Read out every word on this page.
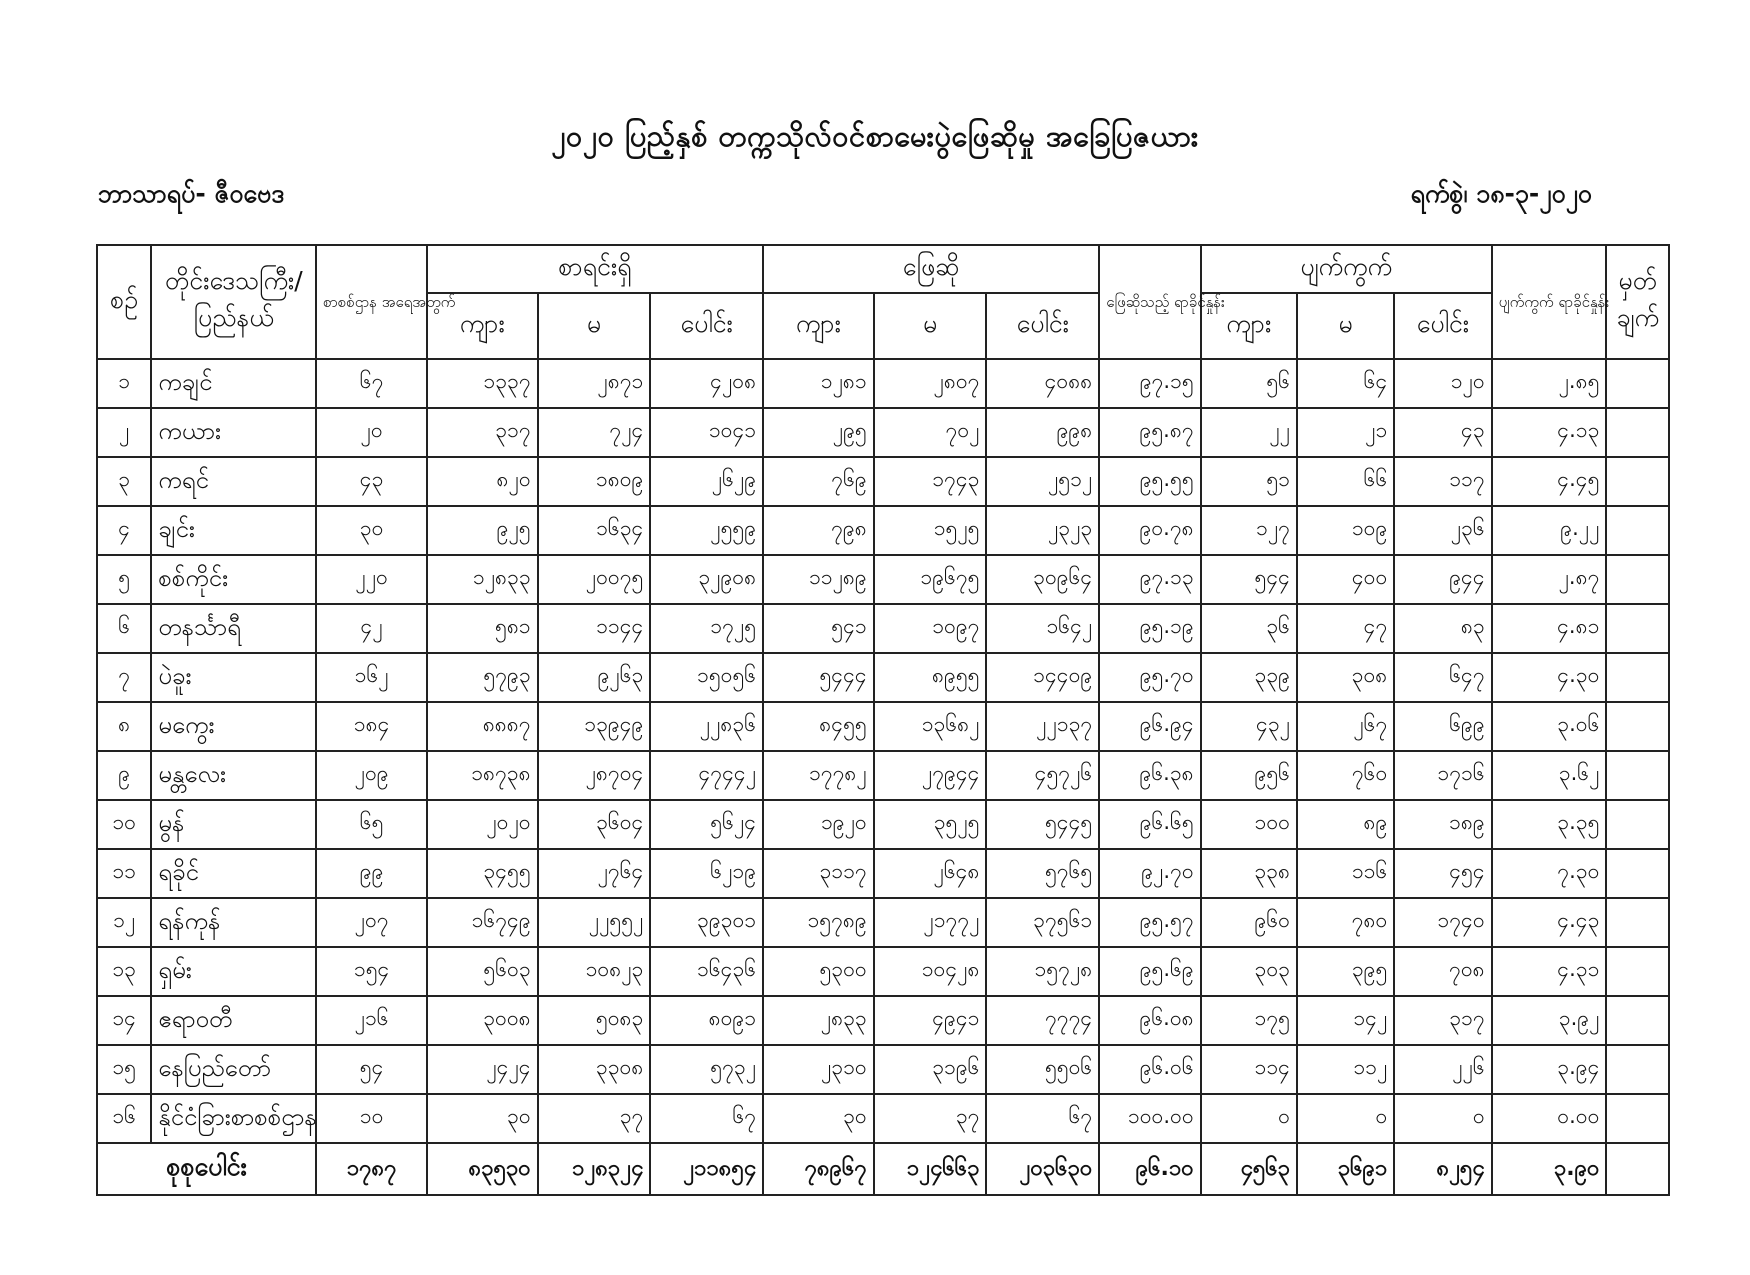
၂၀၂၀ ပြည့်နှစ် တက္ကသိုလ်ဝင်စာမေးပွဲဖြေဆိုမှု အခြေပြဇယား
ဘာသာရပ်- ဇီဝဗေဒ	ရက်စွဲ၊ ၁၈-၃-၂၀၂၀
စဉ်	တိုင်းဒေသကြီး/ ပြည်နယ်	စာစစ်ဌာန အရေအတွက်	စာရင်းရှိ			ဖြေဆို			ဖြေဆိုသည့် ရာခိုင်နှုန်း	ပျက်ကွက်			ပျက်ကွက် ရာခိုင်နှုန်း	မှတ် ချက်
			ကျား	မ	ပေါင်း	ကျား	မ	ပေါင်း		ကျား	မ	ပေါင်း		
၁	ကချင်	၆၇	၁၃၃၇	၂၈၇၁	၄၂၀၈	၁၂၈၁	၂၈၀၇	၄၀၈၈	၉၇.၁၅	၅၆	၆၄	၁၂၀	၂.၈၅	
၂	ကယား	၂၀	၃၁၇	၇၂၄	၁၀၄၁	၂၉၅	၇၀၂	၉၉၈	၉၅.၈၇	၂၂	၂၁	၄၃	၄.၁၃	
၃	ကရင်	၄၃	၈၂၀	၁၈၀၉	၂၆၂၉	၇၆၉	၁၇၄၃	၂၅၁၂	၉၅.၅၅	၅၁	၆၆	၁၁၇	၄.၄၅	
၄	ချင်း	၃၀	၉၂၅	၁၆၃၄	၂၅၅၉	၇၉၈	၁၅၂၅	၂၃၂၃	၉၀.၇၈	၁၂၇	၁၀၉	၂၃၆	၉.၂၂	
၅	စစ်ကိုင်း	၂၂၀	၁၂၈၃၃	၂၀၀၇၅	၃၂၉၀၈	၁၁၂၈၉	၁၉၆၇၅	၃၀၉၆၄	၉၇.၁၃	၅၄၄	၄၀၀	၉၄၄	၂.၈၇	
၆	တနင်္သာရီ	၄၂	၅၈၁	၁၁၄၄	၁၇၂၅	၅၄၁	၁၀၉၇	၁၆၄၂	၉၅.၁၉	၃၆	၄၇	၈၃	၄.၈၁	
၇	ပဲခူး	၁၆၂	၅၇၉၃	၉၂၆၃	၁၅၀၅၆	၅၄၄၄	၈၉၅၅	၁၄၄၀၉	၉၅.၇၀	၃၃၉	၃၀၈	၆၄၇	၄.၃၀	
၈	မကွေး	၁၈၄	၈၈၈၇	၁၃၉၄၉	၂၂၈၃၆	၈၄၅၅	၁၃၆၈၂	၂၂၁၃၇	၉၆.၉၄	၄၃၂	၂၆၇	၆၉၉	၃.၀၆	
၉	မန္တလေး	၂၀၉	၁၈၇၃၈	၂၈၇၀၄	၄၇၄၄၂	၁၇၇၈၂	၂၇၉၄၄	၄၅၇၂၆	၉၆.၃၈	၉၅၆	၇၆၀	၁၇၁၆	၃.၆၂	
၁၀	မွန်	၆၅	၂၀၂၀	၃၆၀၄	၅၆၂၄	၁၉၂၀	၃၅၂၅	၅၄၄၅	၉၆.၆၅	၁၀၀	၈၉	၁၈၉	၃.၃၅	
၁၁	ရခိုင်	၉၉	၃၄၅၅	၂၇၆၄	၆၂၁၉	၃၁၁၇	၂၆၄၈	၅၇၆၅	၉၂.၇၀	၃၃၈	၁၁၆	၄၅၄	၇.၃၀	
၁၂	ရန်ကုန်	၂၀၇	၁၆၇၄၉	၂၂၅၅၂	၃၉၃၀၁	၁၅၇၈၉	၂၁၇၇၂	၃၇၅၆၁	၉၅.၅၇	၉၆၀	၇၈၀	၁၇၄၀	၄.၄၃	
၁၃	ရှမ်း	၁၅၄	၅၆၀၃	၁၀၈၂၃	၁၆၄၃၆	၅၃၀၀	၁၀၄၂၈	၁၅၇၂၈	၉၅.၆၉	၃၀၃	၃၉၅	၇၀၈	၄.၃၁	
၁၄	ဧရာဝတီ	၂၁၆	၃၀၀၈	၅၀၈၃	၈၀၉၁	၂၈၃၃	၄၉၄၁	၇၇၇၄	၉၆.၀၈	၁၇၅	၁၄၂	၃၁၇	၃.၉၂	
၁၅	နေပြည်တော်	၅၄	၂၄၂၄	၃၃၀၈	၅၇၃၂	၂၃၁၀	၃၁၉၆	၅၅၀၆	၉၆.၀၆	၁၁၄	၁၁၂	၂၂၆	၃.၉၄	
၁၆	နိုင်ငံခြားစာစစ်ဌာန	၁၀	၃၀	၃၇	၆၇	၃၀	၃၇	၆၇	၁၀၀.၀၀	၀	၀	၀	၀.၀၀	
စုစုပေါင်း		၁၇၈၇	၈၃၅၃၀	၁၂၈၃၂၄	၂၁၁၈၅၄	၇၈၉၆၇	၁၂၄၆၆၃	၂၀၃၆၃၀	၉၆.၁၀	၄၅၆၃	၃၆၉၁	၈၂၅၄	၃.၉၀	
